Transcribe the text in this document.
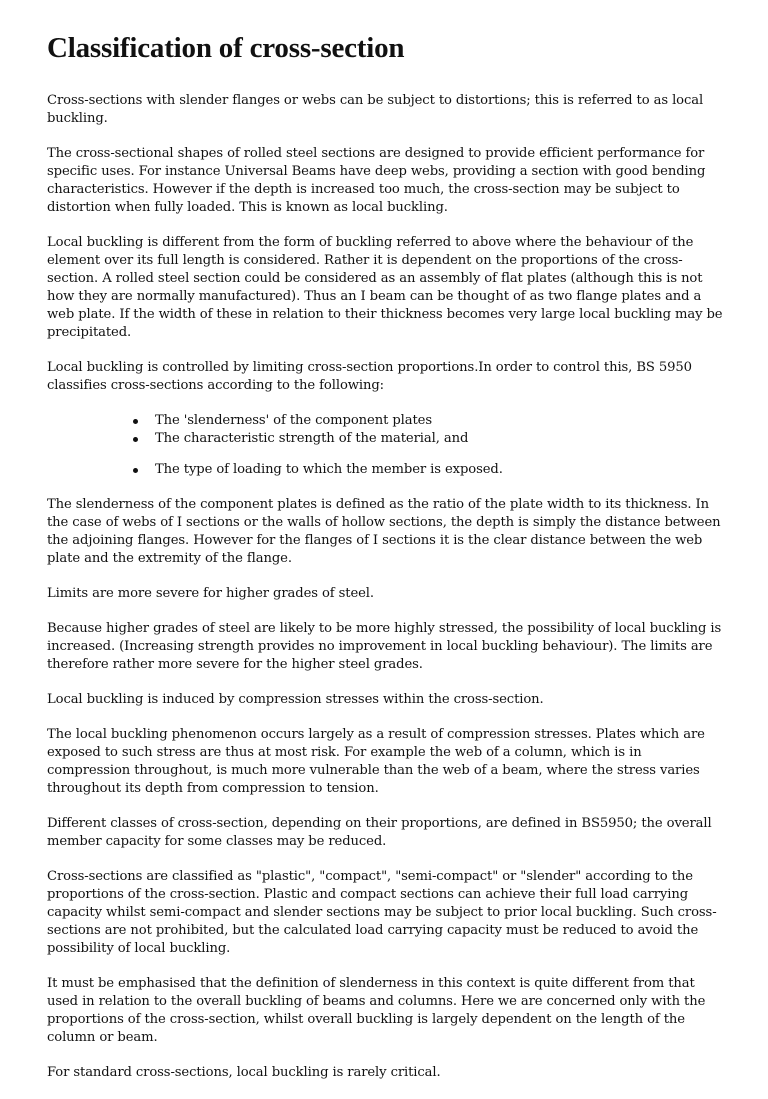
Classification of cross-section

Cross-sections with slender flanges or webs can be subject to distortions; this is referred to as local buckling.

The cross-sectional shapes of rolled steel sections are designed to provide efficient performance for specific uses. For instance Universal Beams have deep webs, providing a section with good bending characteristics. However if the depth is increased too much, the cross-section may be subject to distortion when fully loaded. This is known as local buckling.

Local buckling is different from the form of buckling referred to above where the behaviour of the element over its full length is considered. Rather it is dependent on the proportions of the cross-section. A rolled steel section could be considered as an assembly of flat plates (although this is not how they are normally manufactured). Thus an I beam can be thought of as two flange plates and a web plate. If the width of these in relation to their thickness becomes very large local buckling may be precipitated.

Local buckling is controlled by limiting cross-section proportions.In order to control this, BS 5950 classifies cross-sections according to the following:

The 'slenderness' of the component plates
The characteristic strength of the material, and
The type of loading to which the member is exposed.

The slenderness of the component plates is defined as the ratio of the plate width to its thickness. In the case of webs of I sections or the walls of hollow sections, the depth is simply the distance between the adjoining flanges. However for the flanges of I sections it is the clear distance between the web plate and the extremity of the flange.

Limits are more severe for higher grades of steel.

Because higher grades of steel are likely to be more highly stressed, the possibility of local buckling is increased. (Increasing strength provides no improvement in local buckling behaviour). The limits are therefore rather more severe for the higher steel grades.

Local buckling is induced by compression stresses within the cross-section.

The local buckling phenomenon occurs largely as a result of compression stresses. Plates which are exposed to such stress are thus at most risk. For example the web of a column, which is in compression throughout, is much more vulnerable than the web of a beam, where the stress varies throughout its depth from compression to tension.

Different classes of cross-section, depending on their proportions, are defined in BS5950; the overall member capacity for some classes may be reduced.

Cross-sections are classified as "plastic", "compact", "semi-compact" or "slender" according to the proportions of the cross-section. Plastic and compact sections can achieve their full load carrying capacity whilst semi-compact and slender sections may be subject to prior local buckling. Such cross-sections are not prohibited, but the calculated load carrying capacity must be reduced to avoid the possibility of local buckling.

It must be emphasised that the definition of slenderness in this context is quite different from that used in relation to the overall buckling of beams and columns. Here we are concerned only with the proportions of the cross-section, whilst overall buckling is largely dependent on the length of the column or beam.

For standard cross-sections, local buckling is rarely critical.
